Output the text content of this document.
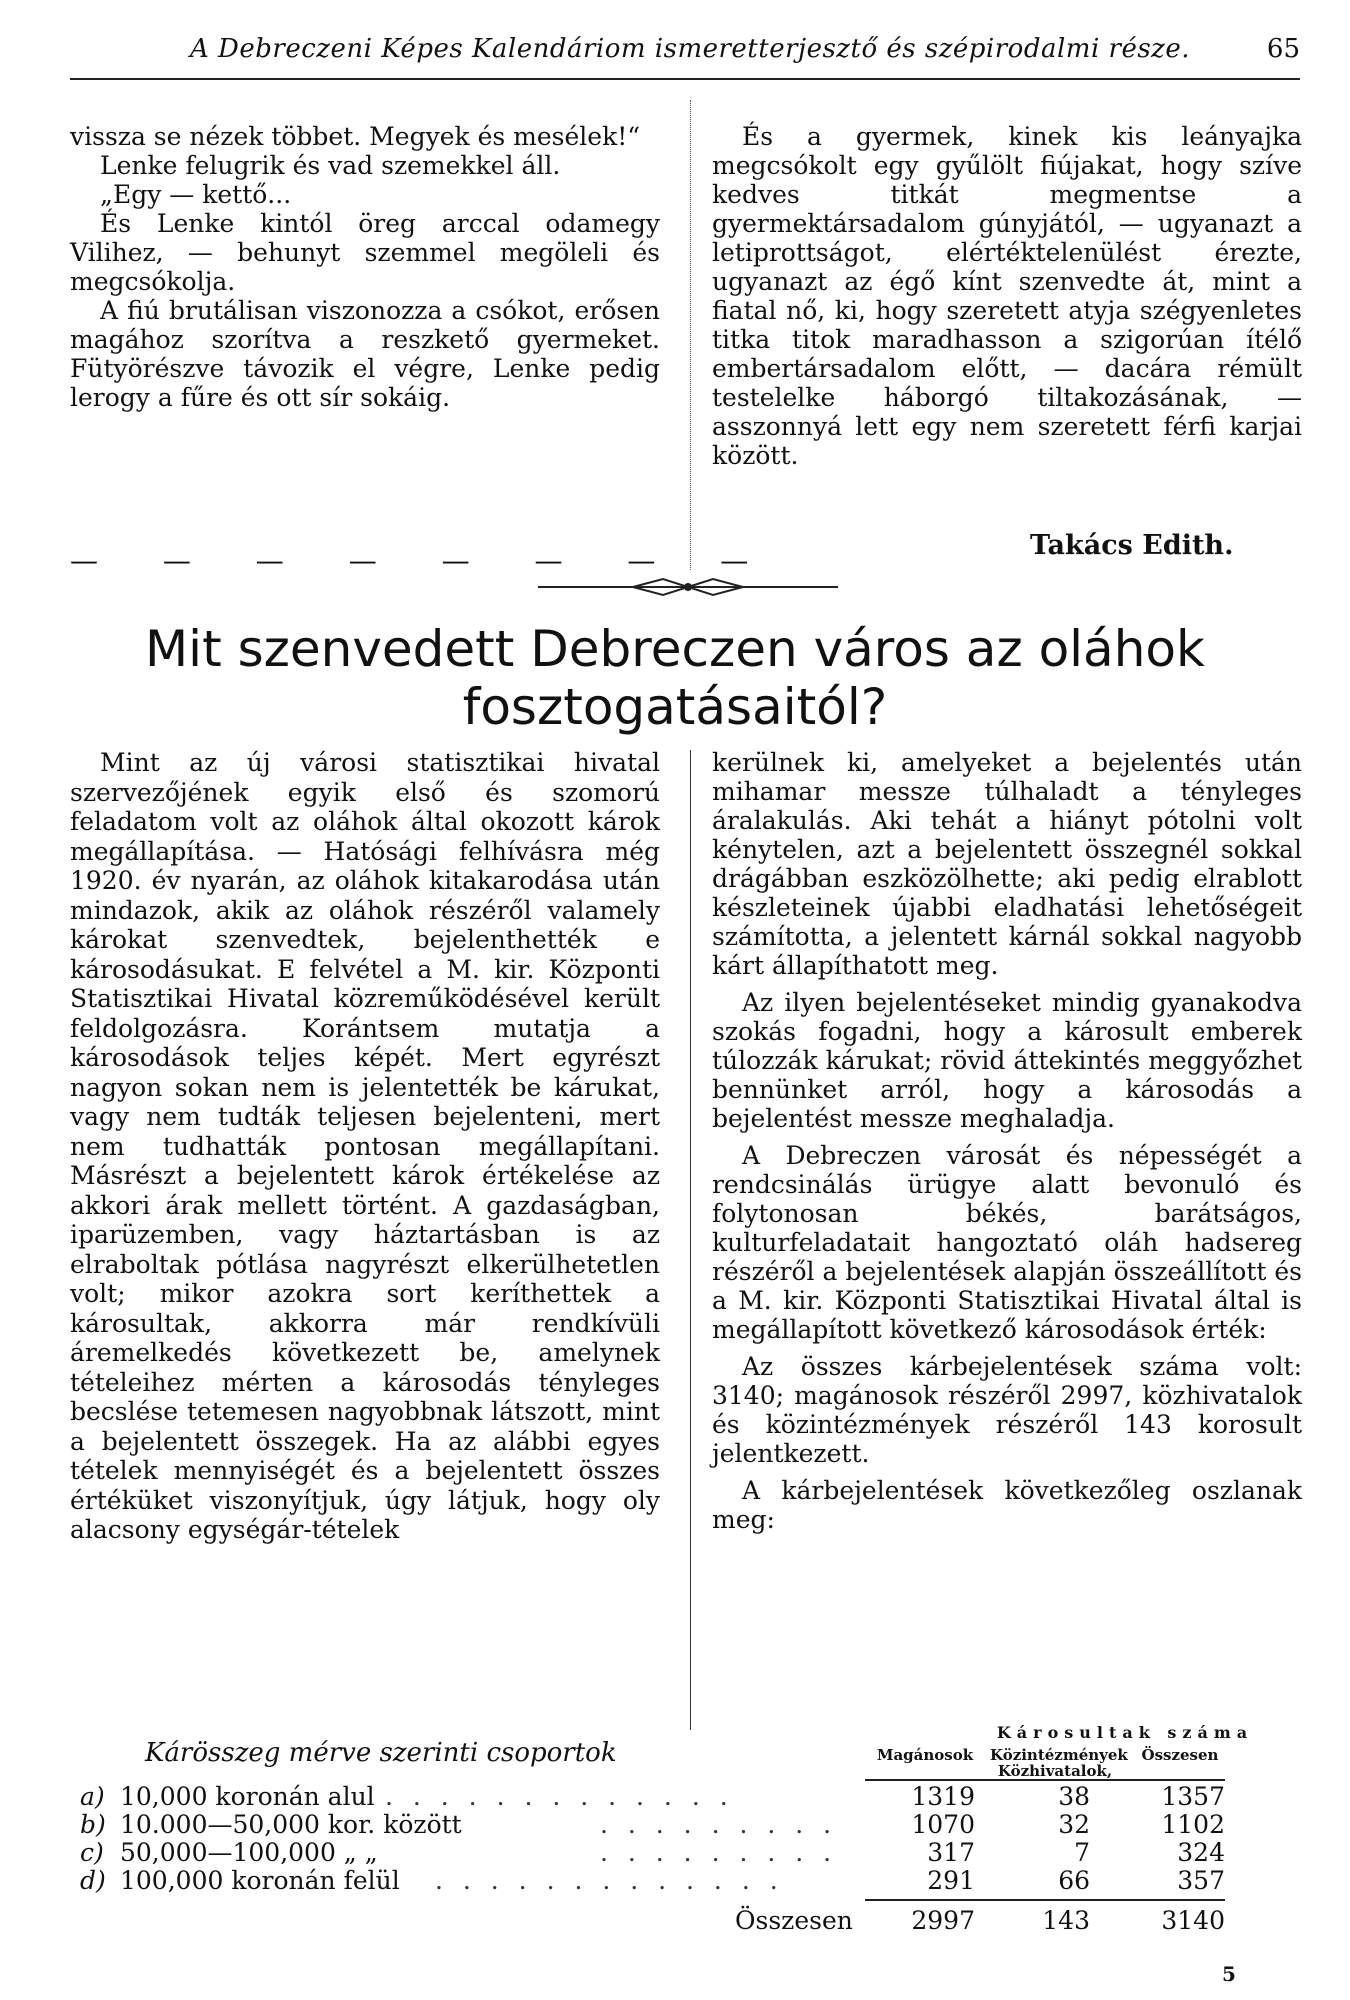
A Debreczeni Képes Kalendáriom ismeretterjesztő és szépirodalmi része.	65

vissza se nézek többet. Megyek és mesélek!“

Lenke felugrik és vad szemekkel áll.

„Egy — kettő...

És Lenke kintól öreg arccal odamegy Vilihez, — behunyt szemmel megöleli és megcsókolja.

A fiú brutálisan viszonozza a csókot, erősen magához szorítva a reszkető gyermeket. Fütyörészve távozik el végre, Lenke pedig lerogy a fűre és ott sír sokáig.

— — — — — — — —

És a gyermek, kinek kis leányajka megcsókolt egy gyűlölt fiújakat, hogy szíve kedves titkát megmentse a gyermektársadalom gúnyjától, — ugyanazt a letiprottságot, elértéktelenülést érezte, ugyanazt az égő kínt szenvedte át, mint a fiatal nő, ki, hogy szeretett atyja szégyenletes titka titok maradhasson a szigorúan ítélő embertársadalom előtt, — dacára rémült testelelke háborgó tiltakozásának, — asszonnyá lett egy nem szeretett férfi karjai között.

Takács Edith.
Mit szenvedett Debreczen város az oláhok
fosztogatásaitól?

Mint az új városi statisztikai hivatal szervezőjének egyik első és szomorú feladatom volt az oláhok által okozott károk megállapítása. — Hatósági felhívásra még 1920. év nyarán, az oláhok kitakarodása után mindazok, akik az oláhok részéről valamely károkat szenvedtek, bejelenthették e károsodásukat. E felvétel a M. kir. Központi Statisztikai Hivatal közreműködésével került feldolgozásra. Korántsem mutatja a károsodások teljes képét. Mert egyrészt nagyon sokan nem is jelentették be kárukat, vagy nem tudták teljesen bejelenteni, mert nem tudhatták pontosan megállapítani. Másrészt a bejelentett károk értékelése az akkori árak mellett történt. A gazdaságban, iparüzemben, vagy háztartásban is az elraboltak pótlása nagyrészt elkerülhetetlen volt; mikor azokra sort keríthettek a károsultak, akkorra már rendkívüli áremelkedés következett be, amelynek tételeihez mérten a károsodás tényleges becslése tetemesen nagyobbnak látszott, mint a bejelentett összegek. Ha az alábbi egyes tételek mennyiségét és a bejelentett összes értéküket viszonyítjuk, úgy látjuk, hogy oly alacsony egységár-tételek

kerülnek ki, amelyeket a bejelentés után mihamar messze túlhaladt a tényleges áralakulás. Aki tehát a hiányt pótolni volt kénytelen, azt a bejelentett összegnél sokkal drágábban eszközölhette; aki pedig elrablott készleteinek újabbi eladhatási lehetőségeit számította, a jelentett kárnál sokkal nagyobb kárt állapíthatott meg.

Az ilyen bejelentéseket mindig gyanakodva szokás fogadni, hogy a károsult emberek túlozzák kárukat; rövid áttekintés meggyőzhet bennünket arról, hogy a károsodás a bejelentést messze meghaladja.

A Debreczen városát és népességét a rendcsinálás ürügye alatt bevonuló és folytonosan békés, barátságos, kulturfeladatait hangoztató oláh hadsereg részéről a bejelentések alapján összeállított és a M. kir. Központi Statisztikai Hivatal által is megállapított következő károsodások érték:

Az összes kárbejelentések száma volt: 3140; magánosok részéről 2997, közhivatalok és közintézmények részéről 143 korosult jelentkezett.

A kárbejelentések következőleg oszlanak meg:

Károsultak száma
Kárösszeg mérve szerinti csoportok	Magánosok	Közintézmények Közhivatalok,
Összesen
a) 10,000 koronán alul . . . . . . . . . . . . .	1319	38	1357
b) 10.000—50,000 kor. között	. . . . . . . . .	1070	32	1102
c) 50,000—100,000 „ „	. . . . . . . . .	317	7	324
d) 100,000 koronán felül . . . . . . . . . . . . .	291	66	357
Összesen	2997	143	3140
5
